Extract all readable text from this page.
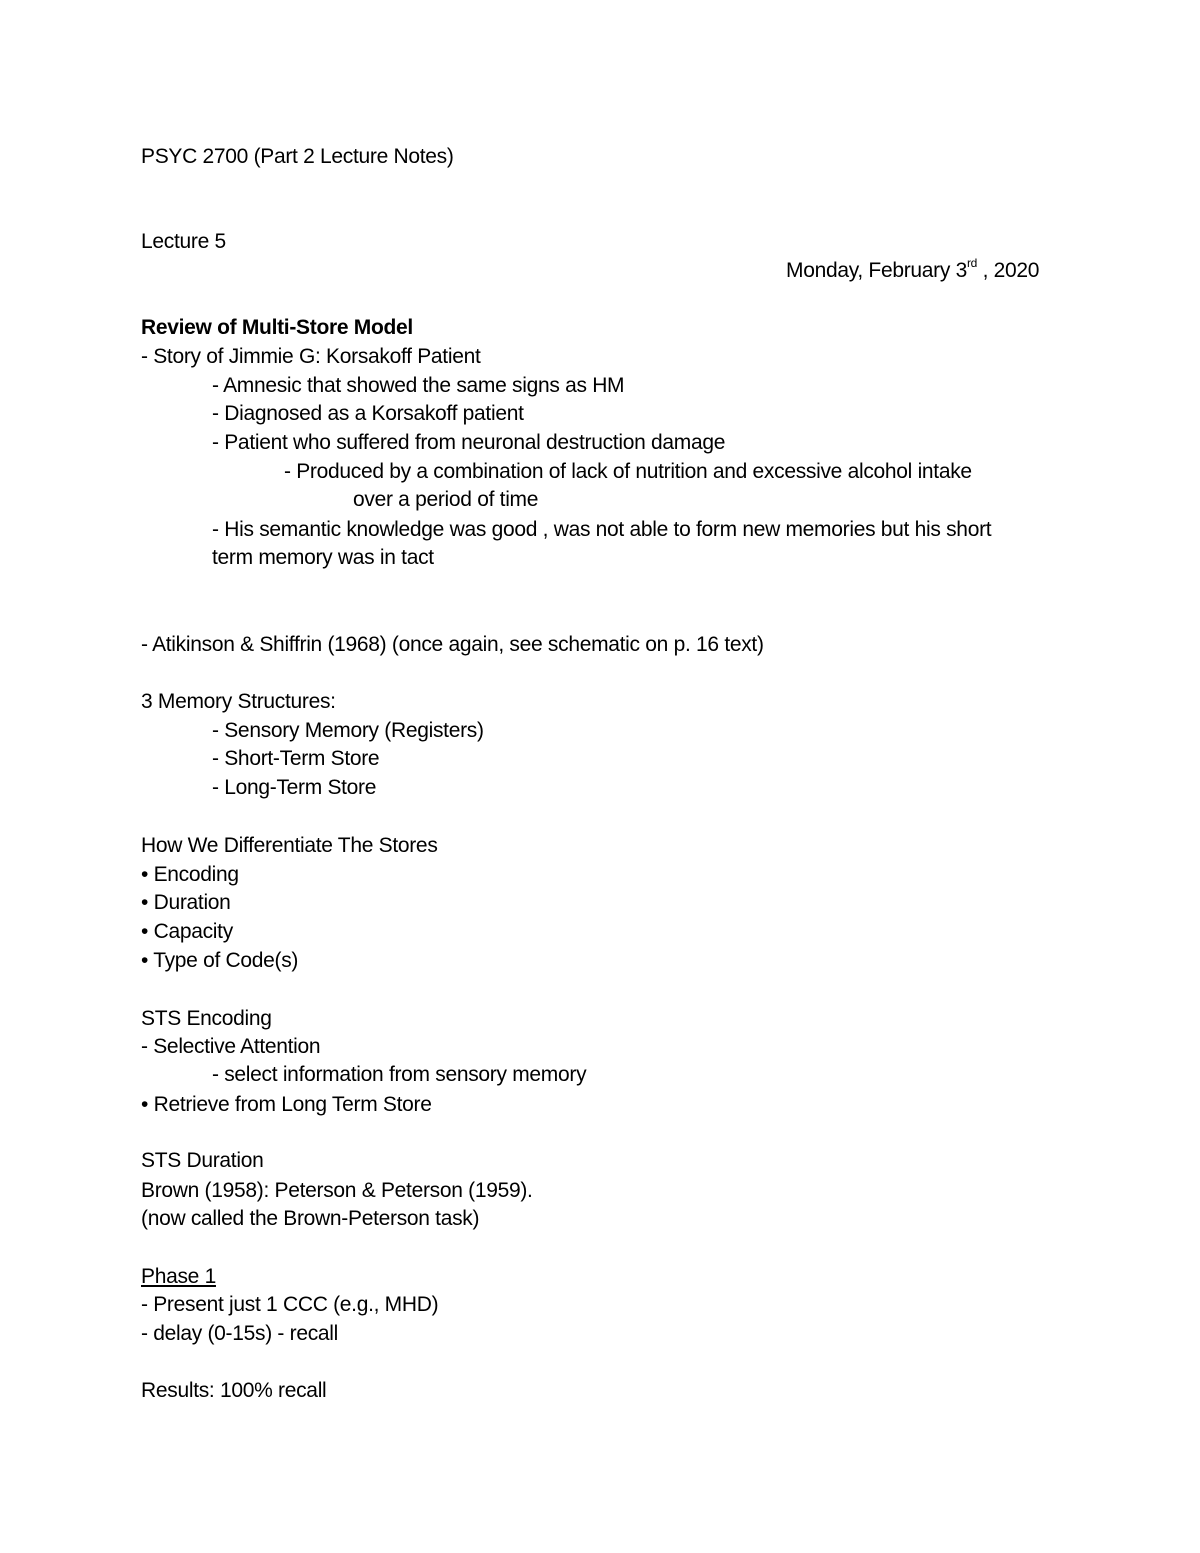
PSYC 2700 (Part 2 Lecture Notes)
Lecture 5
Monday, February 3rd , 2020
Review of Multi-Store Model
- Story of Jimmie G: Korsakoff Patient
- Amnesic that showed the same signs as HM
- Diagnosed as a Korsakoff patient
- Patient who suffered from neuronal destruction damage
- Produced by a combination of lack of nutrition and excessive alcohol intake
over a period of time
- His semantic knowledge was good , was not able to form new memories but his short
term memory was in tact
- Atikinson & Shiffrin (1968) (once again, see schematic on p. 16 text)
3 Memory Structures:
- Sensory Memory (Registers)
- Short-Term Store
- Long-Term Store
How We Differentiate The Stores
• Encoding
• Duration
• Capacity
• Type of Code(s)
STS Encoding
- Selective Attention
- select information from sensory memory
• Retrieve from Long Term Store
STS Duration
Brown (1958): Peterson & Peterson (1959).
(now called the Brown-Peterson task)
Phase 1
- Present just 1 CCC (e.g., MHD)
- delay (0-15s) - recall
Results: 100% recall
